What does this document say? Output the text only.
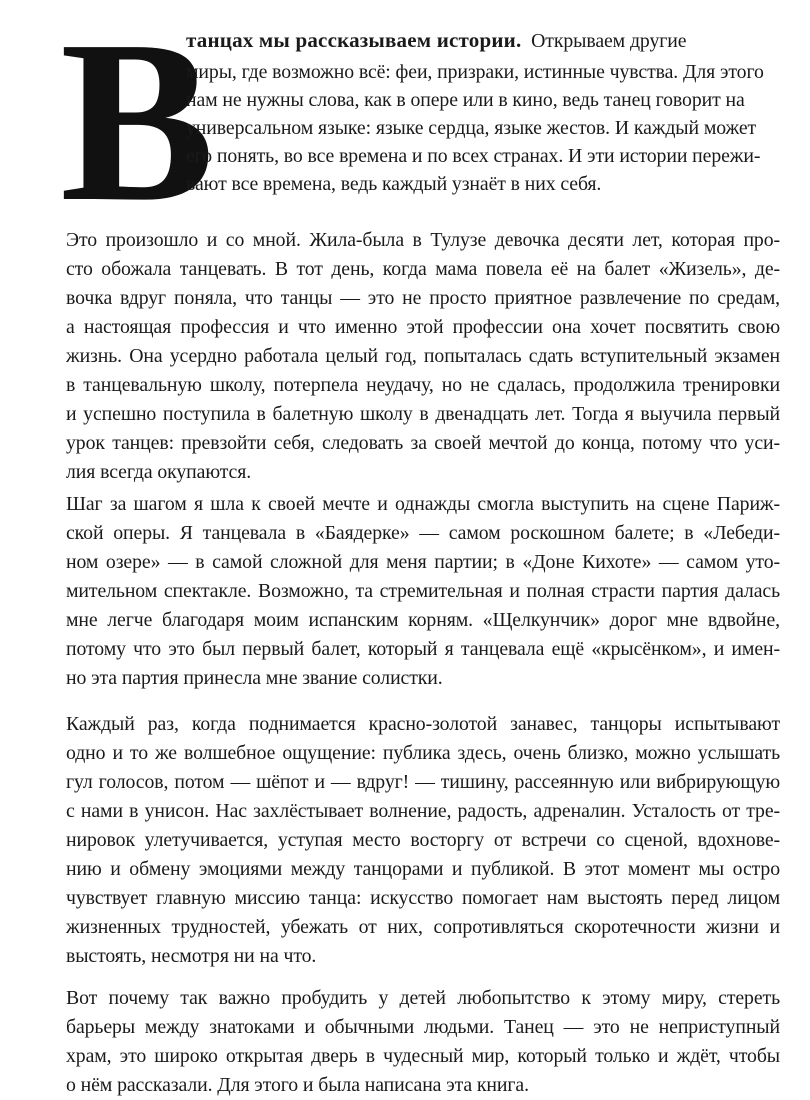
В
танцах мы рассказываем истории. Открываем другие
миры, где возможно всё: феи, призраки, истинные чувства. Для этого
нам не нужны слова, как в опере или в кино, ведь танец говорит на
универсальном языке: языке сердца, языке жестов. И каждый может
его понять, во все времена и по всех странах. И эти истории пережи-
вают все времена, ведь каждый узнаёт в них себя.
Это произошло и со мной. Жила-была в Тулузе девочка десяти лет, которая про-
сто обожала танцевать. В тот день, когда мама повела её на балет «Жизель», де-
вочка вдруг поняла, что танцы — это не просто приятное развлечение по средам,
а настоящая профессия и что именно этой профессии она хочет посвятить свою
жизнь. Она усердно работала целый год, попыталась сдать вступительный экзамен
в танцевальную школу, потерпела неудачу, но не сдалась, продолжила тренировки
и успешно поступила в балетную школу в двенадцать лет. Тогда я выучила первый
урок танцев: превзойти себя, следовать за своей мечтой до конца, потому что уси-
лия всегда окупаются.
Шаг за шагом я шла к своей мечте и однажды смогла выступить на сцене Париж-
ской оперы. Я танцевала в «Баядерке» — самом роскошном балете; в «Лебеди-
ном озере» — в самой сложной для меня партии; в «Доне Кихоте» — самом уто-
мительном спектакле. Возможно, та стремительная и полная страсти партия далась
мне легче благодаря моим испанским корням. «Щелкунчик» дорог мне вдвойне,
потому что это был первый балет, который я танцевала ещё «крысёнком», и имен-
но эта партия принесла мне звание солистки.
Каждый раз, когда поднимается красно-золотой занавес, танцоры испытывают
одно и то же волшебное ощущение: публика здесь, очень близко, можно услышать
гул голосов, потом — шёпот и — вдруг! — тишину, рассеянную или вибрирующую
с нами в унисон. Нас захлёстывает волнение, радость, адреналин. Усталость от тре-
нировок улетучивается, уступая место восторгу от встречи со сценой, вдохнове-
нию и обмену эмоциями между танцорами и публикой. В этот момент мы остро
чувствует главную миссию танца: искусство помогает нам выстоять перед лицом
жизненных трудностей, убежать от них, сопротивляться скоротечности жизни и
выстоять, несмотря ни на что.
Вот почему так важно пробудить у детей любопытство к этому миру, стереть
барьеры между знатоками и обычными людьми. Танец — это не неприступный
храм, это широко открытая дверь в чудесный мир, который только и ждёт, чтобы
о нём рассказали. Для этого и была написана эта книга.
